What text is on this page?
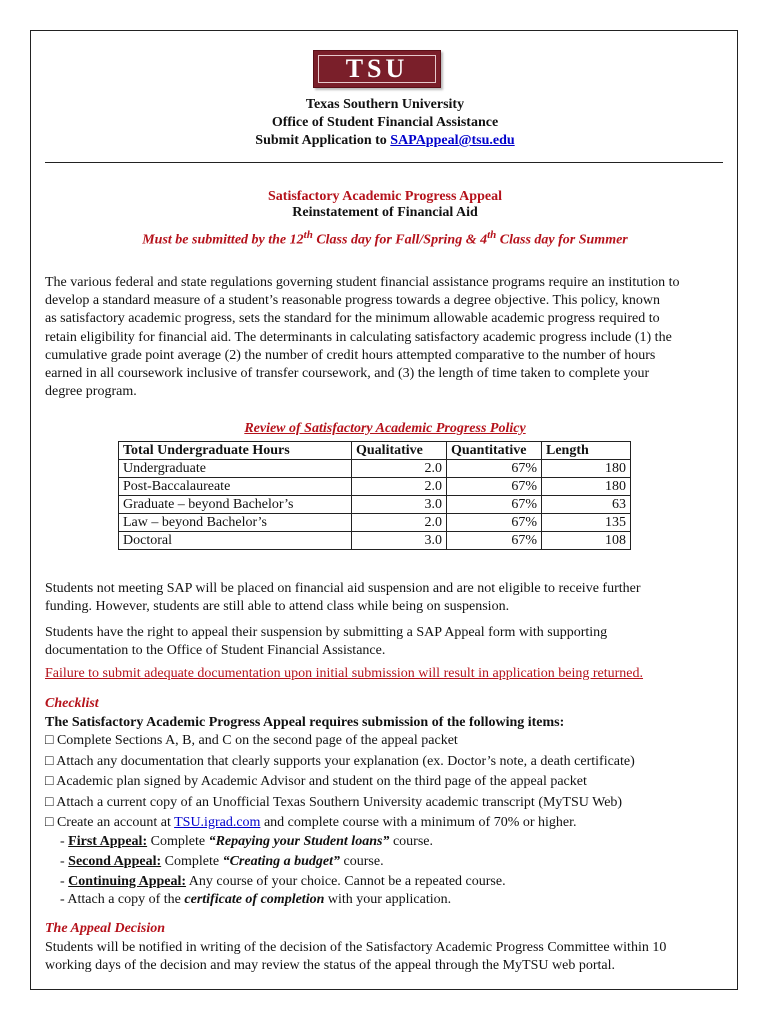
TSU
Texas Southern University
Office of Student Financial Assistance
Submit Application to SAPAppeal@tsu.edu
Satisfactory Academic Progress Appeal
Reinstatement of Financial Aid
Must be submitted by the 12th Class day for Fall/Spring & 4th Class day for Summer
The various federal and state regulations governing student financial assistance programs require an institution to
develop a standard measure of a student’s reasonable progress towards a degree objective. This policy, known
as satisfactory academic progress, sets the standard for the minimum allowable academic progress required to
retain eligibility for financial aid. The determinants in calculating satisfactory academic progress include (1) the
cumulative grade point average (2) the number of credit hours attempted comparative to the number of hours
earned in all coursework inclusive of transfer coursework, and (3) the length of time taken to complete your
degree program.
Review of Satisfactory Academic Progress Policy
Total Undergraduate Hours	Qualitative	Quantitative	Length
Undergraduate	2.0	67%	180
Post-Baccalaureate	2.0	67%	180
Graduate – beyond Bachelor’s	3.0	67%	63
Law – beyond Bachelor’s	2.0	67%	135
Doctoral	3.0	67%	108
Students not meeting SAP will be placed on financial aid suspension and are not eligible to receive further
funding. However, students are still able to attend class while being on suspension.
Students have the right to appeal their suspension by submitting a SAP Appeal form with supporting
documentation to the Office of Student Financial Assistance.
Failure to submit adequate documentation upon initial submission will result in application being returned.
Checklist
The Satisfactory Academic Progress Appeal requires submission of the following items:
□ Complete Sections A, B, and C on the second page of the appeal packet
□ Attach any documentation that clearly supports your explanation (ex. Doctor’s note, a death certificate)
□ Academic plan signed by Academic Advisor and student on the third page of the appeal packet
□ Attach a current copy of an Unofficial Texas Southern University academic transcript (MyTSU Web)
□ Create an account at TSU.igrad.com and complete course with a minimum of 70% or higher.
- First Appeal: Complete “Repaying your Student loans” course.
- Second Appeal: Complete “Creating a budget” course.
- Continuing Appeal: Any course of your choice. Cannot be a repeated course.
- Attach a copy of the certificate of completion with your application.
The Appeal Decision
Students will be notified in writing of the decision of the Satisfactory Academic Progress Committee within 10
working days of the decision and may review the status of the appeal through the MyTSU web portal.
